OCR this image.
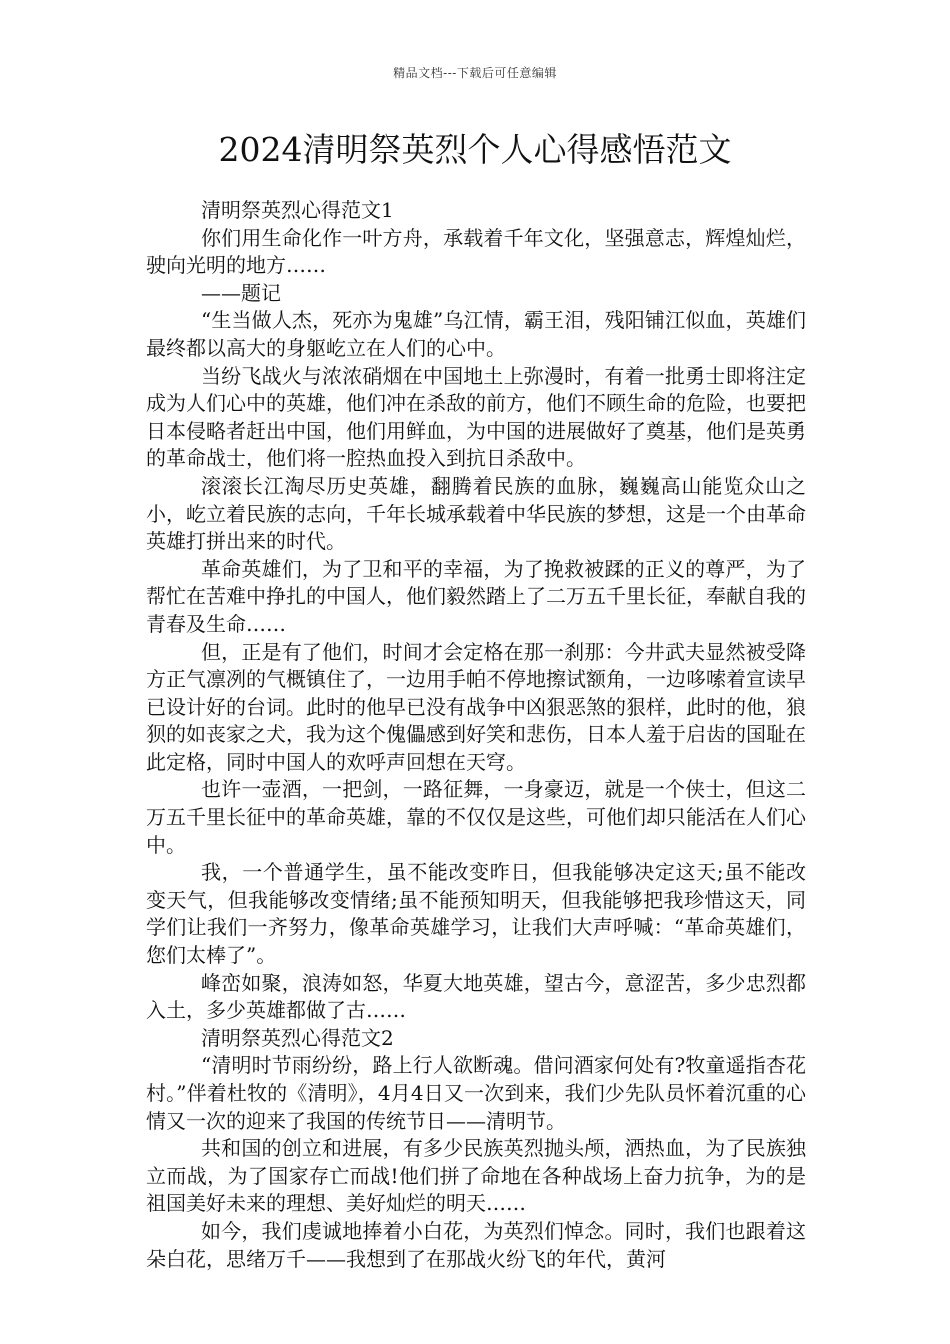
精品文档---下载后可任意编辑
2024清明祭英烈个人心得感悟范文

清明祭英烈心得范文1

你们用生命化作一叶方舟，承载着千年文化，坚强意志，辉煌灿烂，驶向光明的地方……

——题记

“生当做人杰，死亦为鬼雄”乌江情，霸王泪，残阳铺江似血，英雄们最终都以高大的身躯屹立在人们的心中。

当纷飞战火与浓浓硝烟在中国地土上弥漫时，有着一批勇士即将注定成为人们心中的英雄，他们冲在杀敌的前方，他们不顾生命的危险，也要把日本侵略者赶出中国，他们用鲜血，为中国的进展做好了奠基，他们是英勇的革命战士，他们将一腔热血投入到抗日杀敌中。

滚滚长江淘尽历史英雄，翻腾着民族的血脉，巍巍高山能览众山之小，屹立着民族的志向，千年长城承载着中华民族的梦想，这是一个由革命英雄打拼出来的时代。

革命英雄们，为了卫和平的幸福，为了挽救被蹂的正义的尊严，为了帮忙在苦难中挣扎的中国人，他们毅然踏上了二万五千里长征，奉献自我的青春及生命……

但，正是有了他们，时间才会定格在那一刹那：今井武夫显然被受降方正气凛冽的气概镇住了，一边用手帕不停地擦试额角，一边哆嗦着宣读早已设计好的台词。此时的他早已没有战争中凶狠恶煞的狠样，此时的他，狼狈的如丧家之犬，我为这个傀儡感到好笑和悲伤，日本人羞于启齿的国耻在此定格，同时中国人的欢呼声回想在天穹。

也许一壶酒，一把剑，一路征舞，一身豪迈，就是一个侠士，但这二万五千里长征中的革命英雄，靠的不仅仅是这些，可他们却只能活在人们心中。

我，一个普通学生，虽不能改变昨日，但我能够决定这天;虽不能改变天气，但我能够改变情绪;虽不能预知明天，但我能够把我珍惜这天，同学们让我们一齐努力，像革命英雄学习，让我们大声呼喊：“革命英雄们，您们太棒了”。

峰峦如聚，浪涛如怒，华夏大地英雄，望古今，意涩苦，多少忠烈都入土，多少英雄都做了古……

清明祭英烈心得范文2

“清明时节雨纷纷，路上行人欲断魂。借问酒家何处有?牧童遥指杏花村。”伴着杜牧的《清明》，4月4日又一次到来，我们少先队员怀着沉重的心情又一次的迎来了我国的传统节日——清明节。

共和国的创立和进展，有多少民族英烈抛头颅，洒热血，为了民族独立而战，为了国家存亡而战!他们拼了命地在各种战场上奋力抗争，为的是祖国美好未来的理想、美好灿烂的明天……

如今，我们虔诚地捧着小白花，为英烈们悼念。同时，我们也跟着这朵白花，思绪万千——我想到了在那战火纷飞的年代，黄河
